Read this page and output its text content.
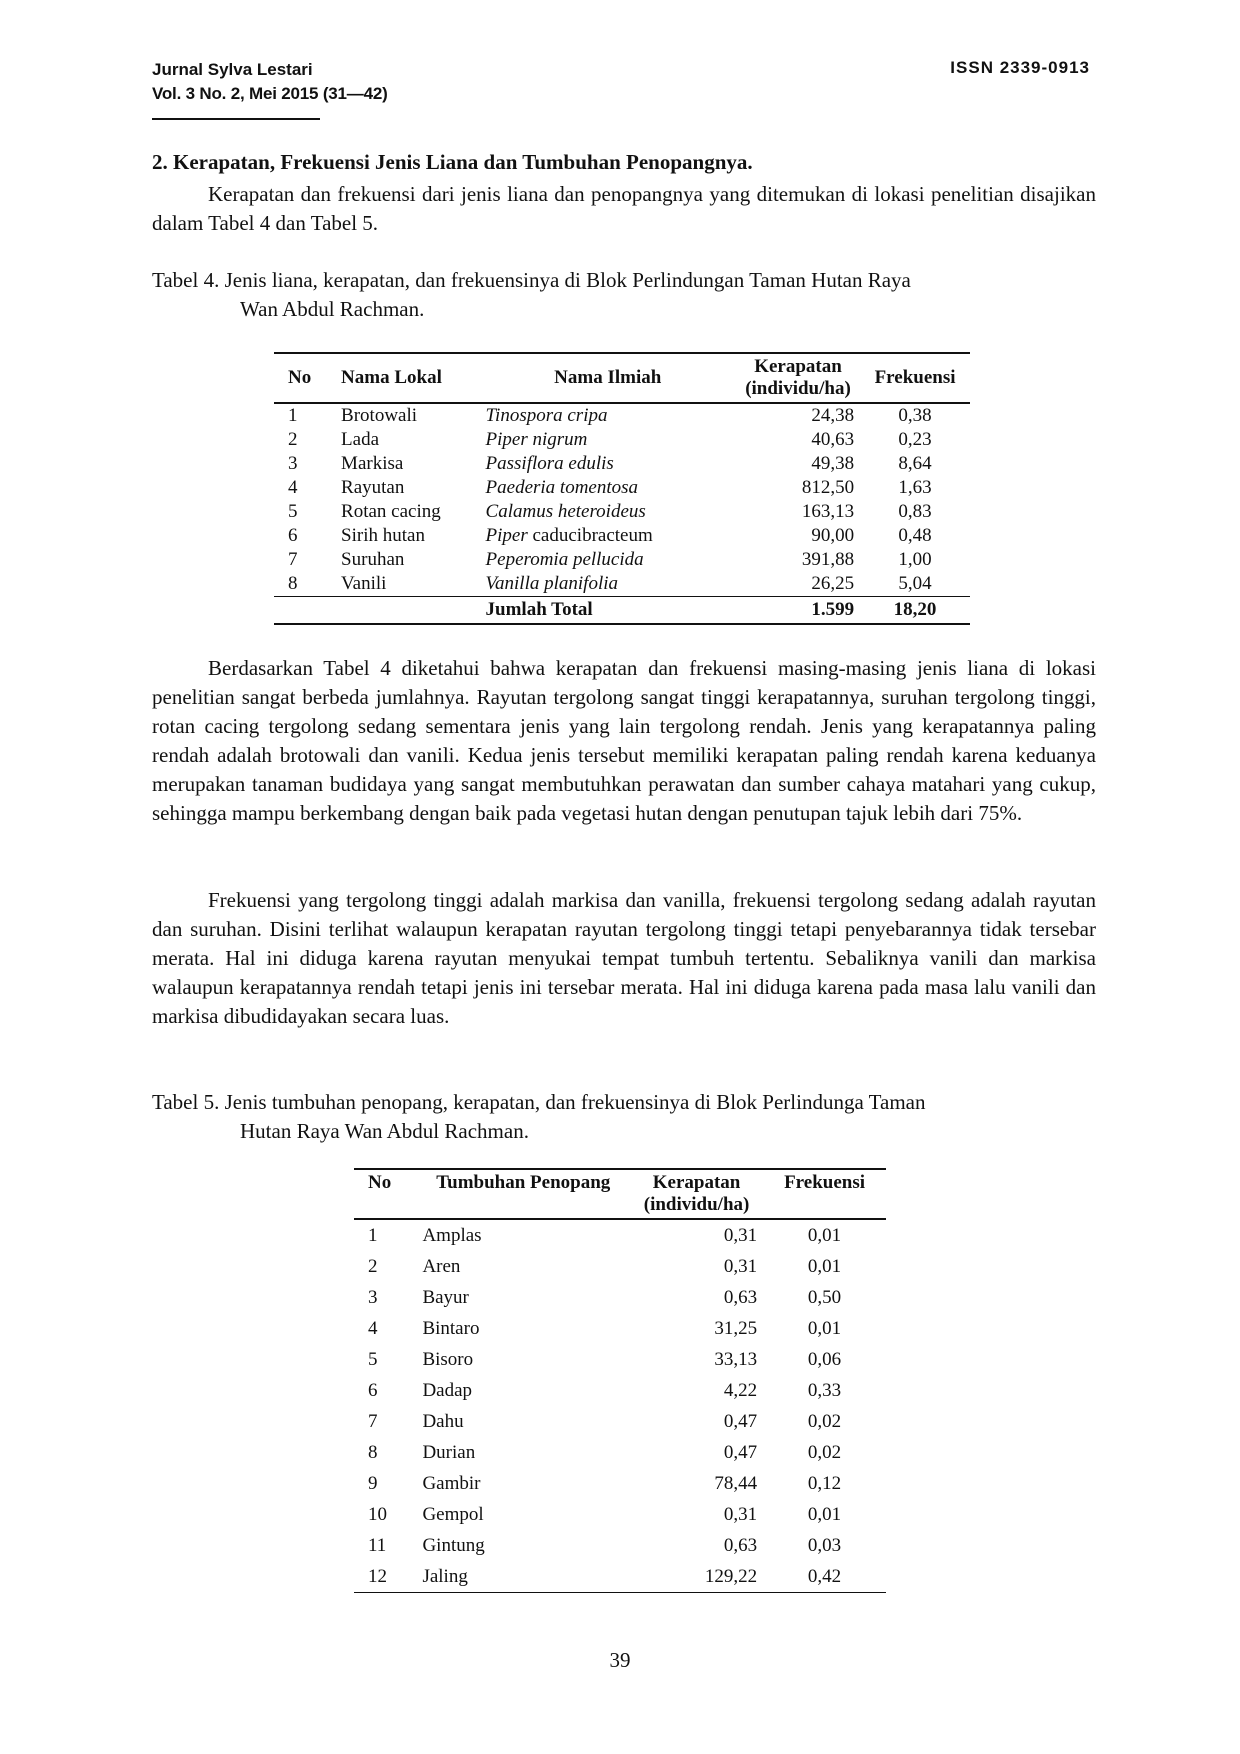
Jurnal Sylva Lestari
Vol. 3 No. 2, Mei 2015 (31—42)
ISSN 2339-0913
2. Kerapatan, Frekuensi Jenis Liana dan Tumbuhan Penopangnya.

Kerapatan dan frekuensi dari jenis liana dan penopangnya yang ditemukan di lokasi penelitian disajikan dalam Tabel 4 dan Tabel 5.

Tabel 4. Jenis liana, kerapatan, dan frekuensinya di Blok Perlindungan Taman Hutan Raya
Wan Abdul Rachman.
No	Nama Lokal	Nama Ilmiah	Kerapatan
(individu/ha)	Frekuensi
1	Brotowali	Tinospora cripa	24,38	0,38
2	Lada	Piper nigrum	40,63	0,23
3	Markisa	Passiflora edulis	49,38	8,64
4	Rayutan	Paederia tomentosa	812,50	1,63
5	Rotan cacing	Calamus heteroideus	163,13	0,83
6	Sirih hutan	Piper caducibracteum	90,00	0,48
7	Suruhan	Peperomia pellucida	391,88	1,00
8	Vanili	Vanilla planifolia	26,25	5,04
		Jumlah Total	1.599	18,20

Berdasarkan Tabel 4 diketahui bahwa kerapatan dan frekuensi masing-masing jenis liana di lokasi penelitian sangat berbeda jumlahnya. Rayutan tergolong sangat tinggi kerapatannya, suruhan tergolong tinggi, rotan cacing tergolong sedang sementara jenis yang lain tergolong rendah. Jenis yang kerapatannya paling rendah adalah brotowali dan vanili. Kedua jenis tersebut memiliki kerapatan paling rendah karena keduanya merupakan tanaman budidaya yang sangat membutuhkan perawatan dan sumber cahaya matahari yang cukup, sehingga mampu berkembang dengan baik pada vegetasi hutan dengan penutupan tajuk lebih dari 75%.

Frekuensi yang tergolong tinggi adalah markisa dan vanilla, frekuensi tergolong sedang adalah rayutan dan suruhan. Disini terlihat walaupun kerapatan rayutan tergolong tinggi tetapi penyebarannya tidak tersebar merata. Hal ini diduga karena rayutan menyukai tempat tumbuh tertentu. Sebaliknya vanili dan markisa walaupun kerapatannya rendah tetapi jenis ini tersebar merata. Hal ini diduga karena pada masa lalu vanili dan markisa dibudidayakan secara luas.

Tabel 5. Jenis tumbuhan penopang, kerapatan, dan frekuensinya di Blok Perlindunga Taman
Hutan Raya Wan Abdul Rachman.
No	Tumbuhan Penopang	Kerapatan
(individu/ha)	Frekuensi
1	Amplas	0,31	0,01
2	Aren	0,31	0,01
3	Bayur	0,63	0,50
4	Bintaro	31,25	0,01
5	Bisoro	33,13	0,06
6	Dadap	4,22	0,33
7	Dahu	0,47	0,02
8	Durian	0,47	0,02
9	Gambir	78,44	0,12
10	Gempol	0,31	0,01
11	Gintung	0,63	0,03
12	Jaling	129,22	0,42
39
